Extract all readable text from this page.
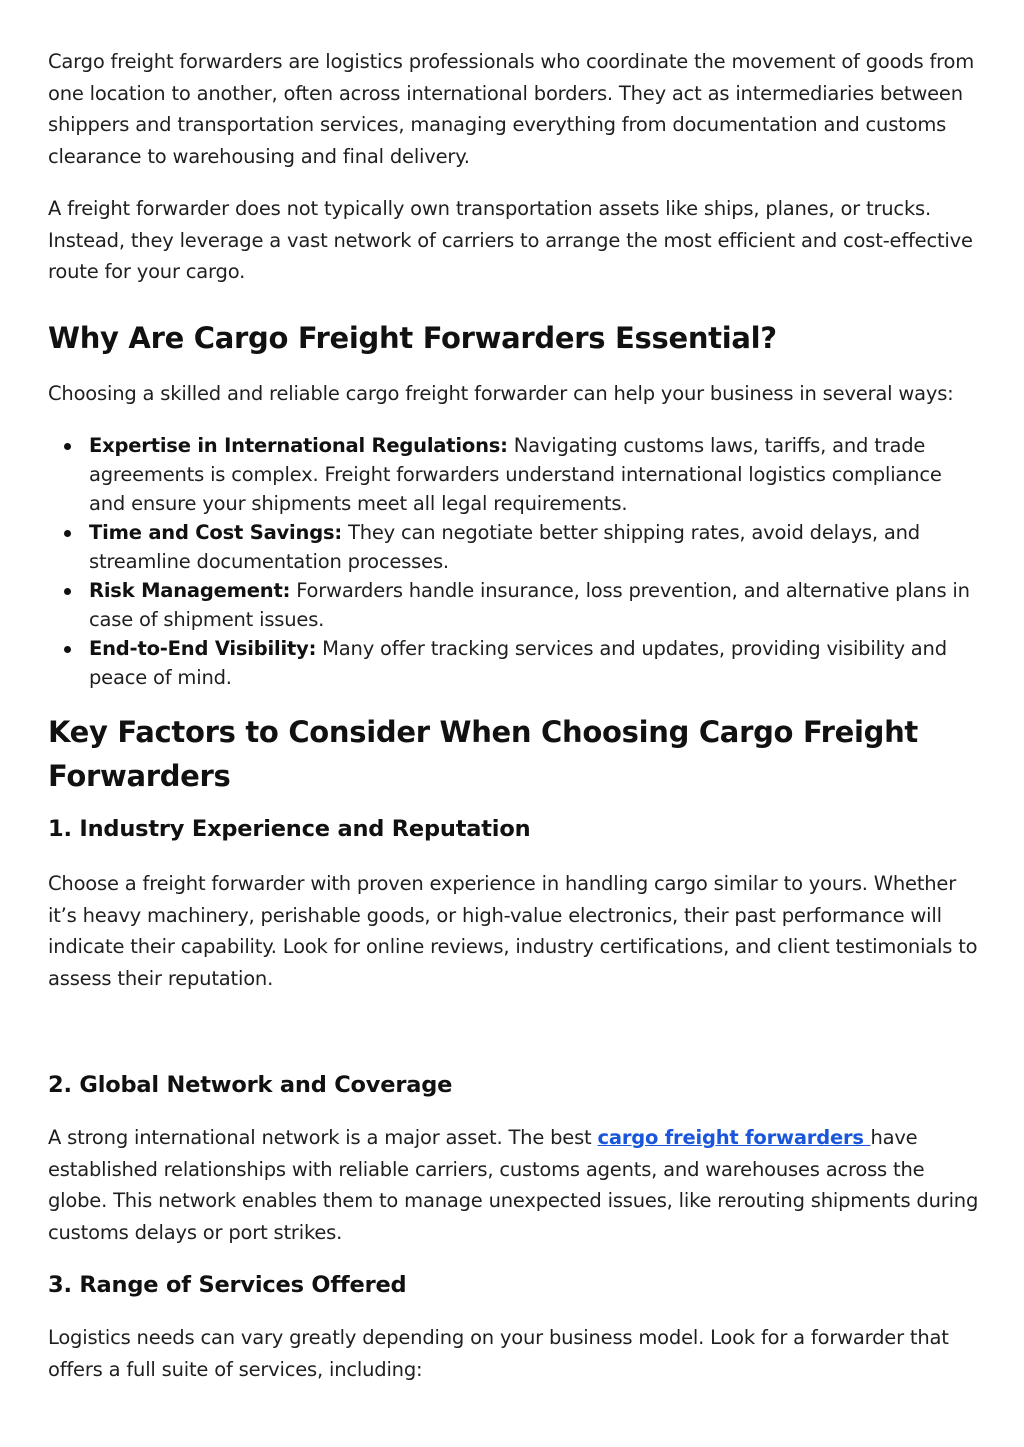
Cargo freight forwarders are logistics professionals who coordinate the movement of goods from one location to another, often across international borders. They act as intermediaries between shippers and transportation services, managing everything from documentation and customs clearance to warehousing and final delivery.

A freight forwarder does not typically own transportation assets like ships, planes, or trucks. Instead, they leverage a vast network of carriers to arrange the most efficient and cost-effective route for your cargo.

Why Are Cargo Freight Forwarders Essential?

Choosing a skilled and reliable cargo freight forwarder can help your business in several ways:

Expertise in International Regulations: Navigating customs laws, tariffs, and trade agreements is complex. Freight forwarders understand international logistics compliance and ensure your shipments meet all legal requirements.
Time and Cost Savings: They can negotiate better shipping rates, avoid delays, and streamline documentation processes.
Risk Management: Forwarders handle insurance, loss prevention, and alternative plans in case of shipment issues.
End-to-End Visibility: Many offer tracking services and updates, providing visibility and peace of mind.
Key Factors to Consider When Choosing Cargo Freight Forwarders
1. Industry Experience and Reputation

Choose a freight forwarder with proven experience in handling cargo similar to yours. Whether it’s heavy machinery, perishable goods, or high-value electronics, their past performance will indicate their capability. Look for online reviews, industry certifications, and client testimonials to assess their reputation.

2. Global Network and Coverage

A strong international network is a major asset. The best cargo freight forwarders have established relationships with reliable carriers, customs agents, and warehouses across the globe. This network enables them to manage unexpected issues, like rerouting shipments during customs delays or port strikes.

3. Range of Services Offered

Logistics needs can vary greatly depending on your business model. Look for a forwarder that offers a full suite of services, including:
